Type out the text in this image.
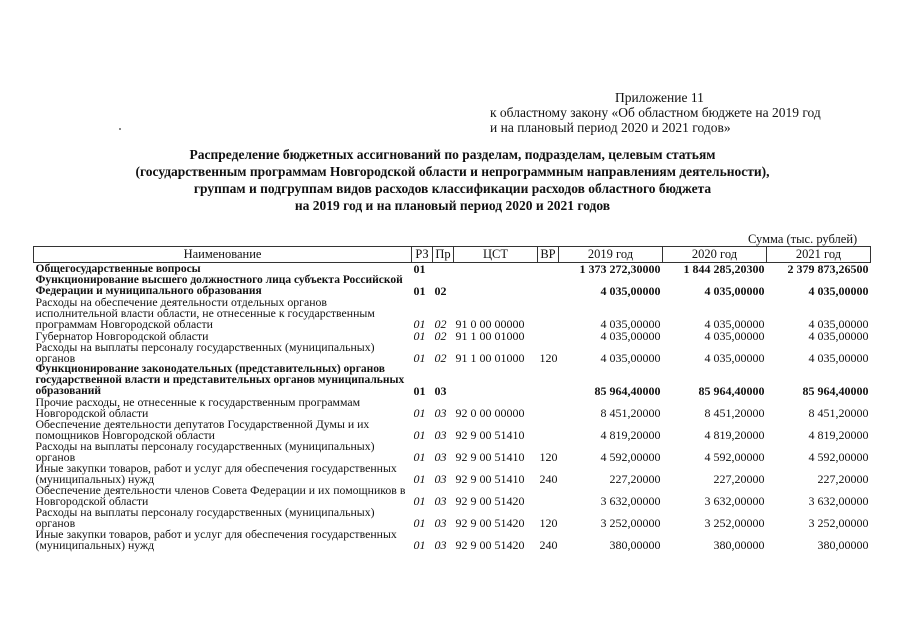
Приложение 11
к областному закону «Об областном бюджете на 2019 год
и на плановый период 2020 и 2021 годов»
Распределение бюджетных ассигнований по разделам, подразделам, целевым статьям
(государственным программам Новгородской области и непрограммным направлениям деятельности),
группам и подгруппам видов расходов классификации расходов областного бюджета
на 2019 год и на плановый период 2020 и 2021 годов
Сумма (тыс. рублей)
Наименование	РЗ	Пр	ЦСТ	ВР	2019 год	2020 год	2021 год
Общегосударственные вопросы	01				1 373 272,30000	1 844 285,20300	2 379 873,26500
Функционирование высшего должностного лица субъекта Российской Федерации и муниципального образования	01	02			4 035,00000	4 035,00000	4 035,00000
Расходы на обеспечение деятельности отдельных органов исполнительной власти области, не отнесенные к государственным программам Новгородской области	01	02	91 0 00 00000		4 035,00000	4 035,00000	4 035,00000
Губернатор Новгородской области	01	02	91 1 00 01000		4 035,00000	4 035,00000	4 035,00000
Расходы на выплаты персоналу государственных (муниципальных) органов	01	02	91 1 00 01000	120	4 035,00000	4 035,00000	4 035,00000
Функционирование законодательных (представительных) органов государственной власти и представительных органов муниципальных образований	01	03			85 964,40000	85 964,40000	85 964,40000
Прочие расходы, не отнесенные к государственным программам Новгородской области	01	03	92 0 00 00000		8 451,20000	8 451,20000	8 451,20000
Обеспечение деятельности депутатов Государственной Думы и их помощников Новгородской области	01	03	92 9 00 51410		4 819,20000	4 819,20000	4 819,20000
Расходы на выплаты персоналу государственных (муниципальных) органов	01	03	92 9 00 51410	120	4 592,00000	4 592,00000	4 592,00000
Иные закупки товаров, работ и услуг для обеспечения государственных (муниципальных) нужд	01	03	92 9 00 51410	240	227,20000	227,20000	227,20000
Обеспечение деятельности членов Совета Федерации и их помощников в Новгородской области	01	03	92 9 00 51420		3 632,00000	3 632,00000	3 632,00000
Расходы на выплаты персоналу государственных (муниципальных) органов	01	03	92 9 00 51420	120	3 252,00000	3 252,00000	3 252,00000
Иные закупки товаров, работ и услуг для обеспечения государственных (муниципальных) нужд	01	03	92 9 00 51420	240	380,00000	380,00000	380,00000
